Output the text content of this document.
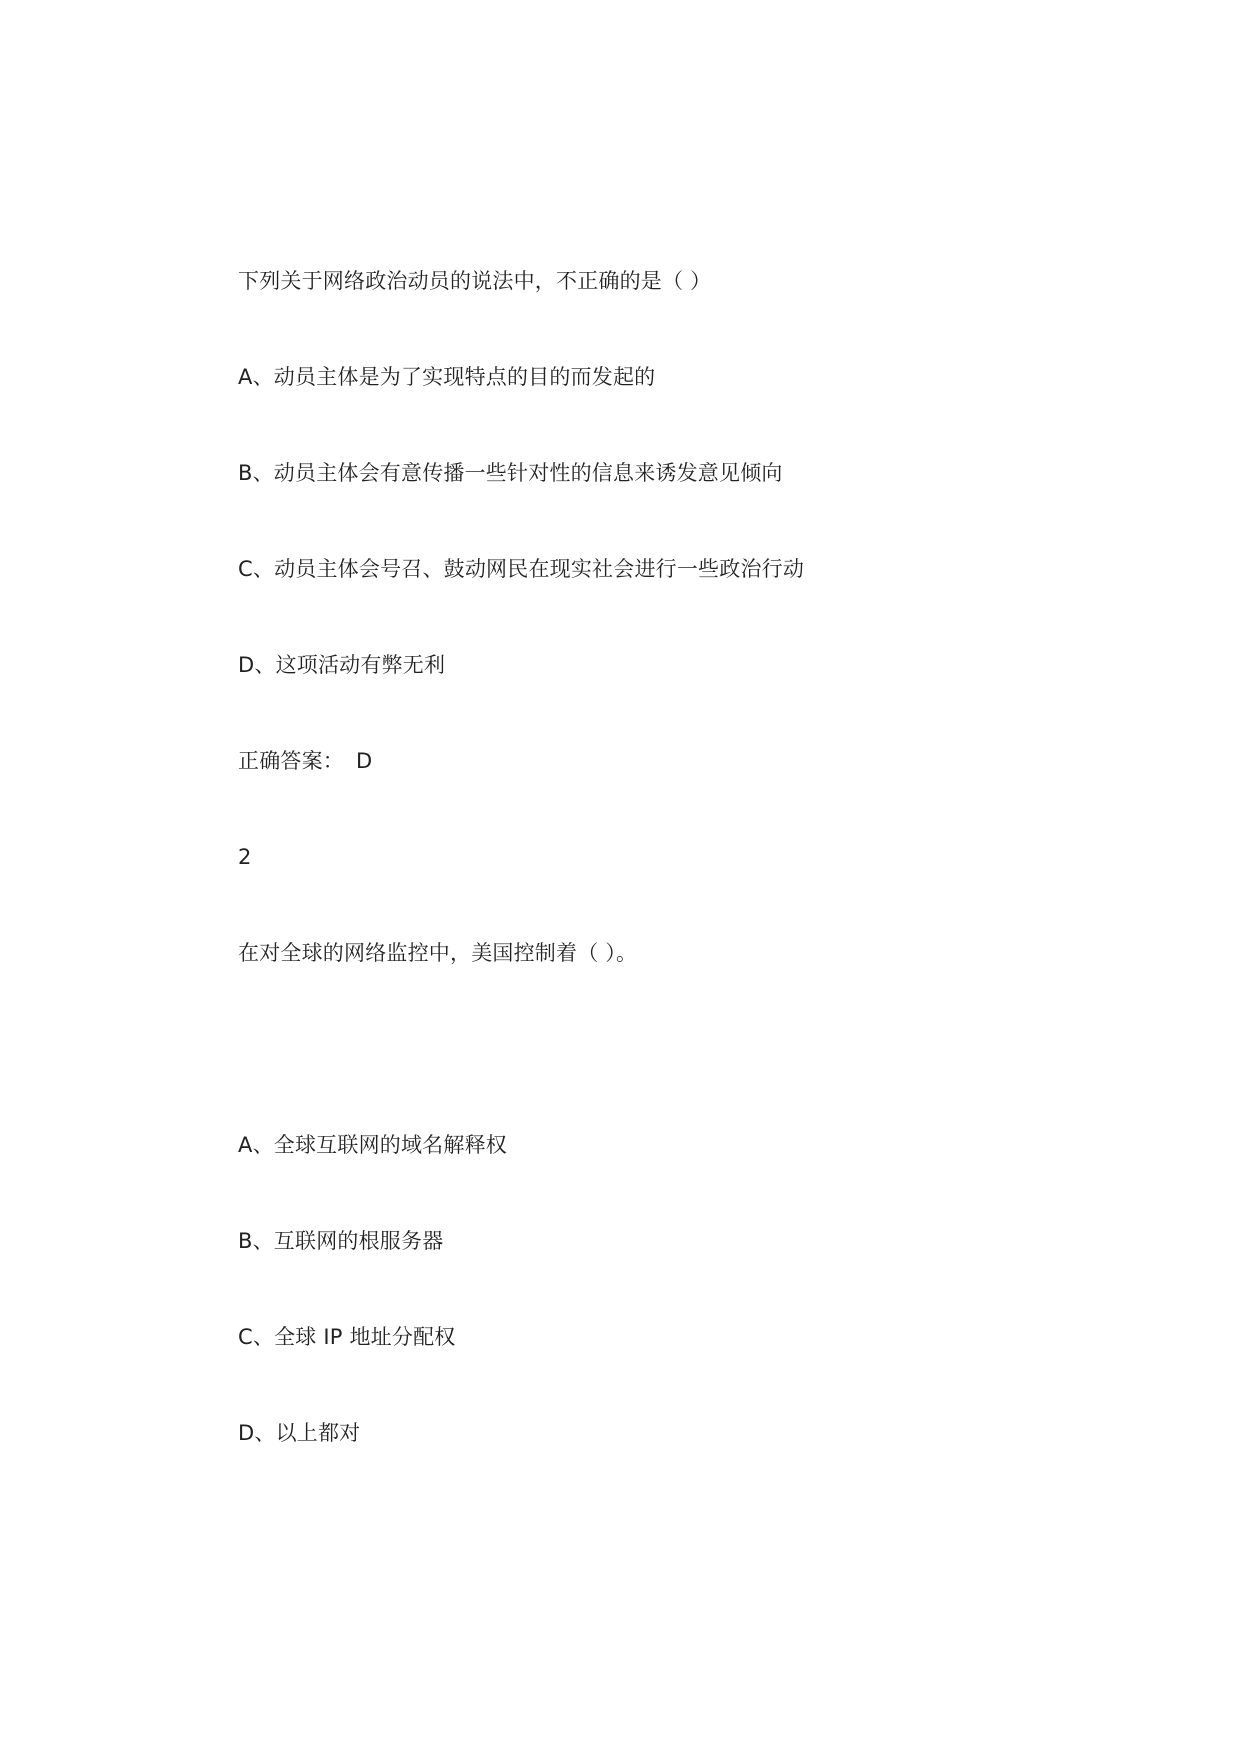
下列关于网络政治动员的说法中，不正确的是（ ）
A、动员主体是为了实现特点的目的而发起的
B、动员主体会有意传播一些针对性的信息来诱发意见倾向
C、动员主体会号召、鼓动网民在现实社会进行一些政治行动
D、这项活动有弊无利
正确答案： D
2
在对全球的网络监控中，美国控制着（ ）。
A、全球互联网的域名解释权
B、互联网的根服务器
C、全球 IP 地址分配权
D、以上都对
